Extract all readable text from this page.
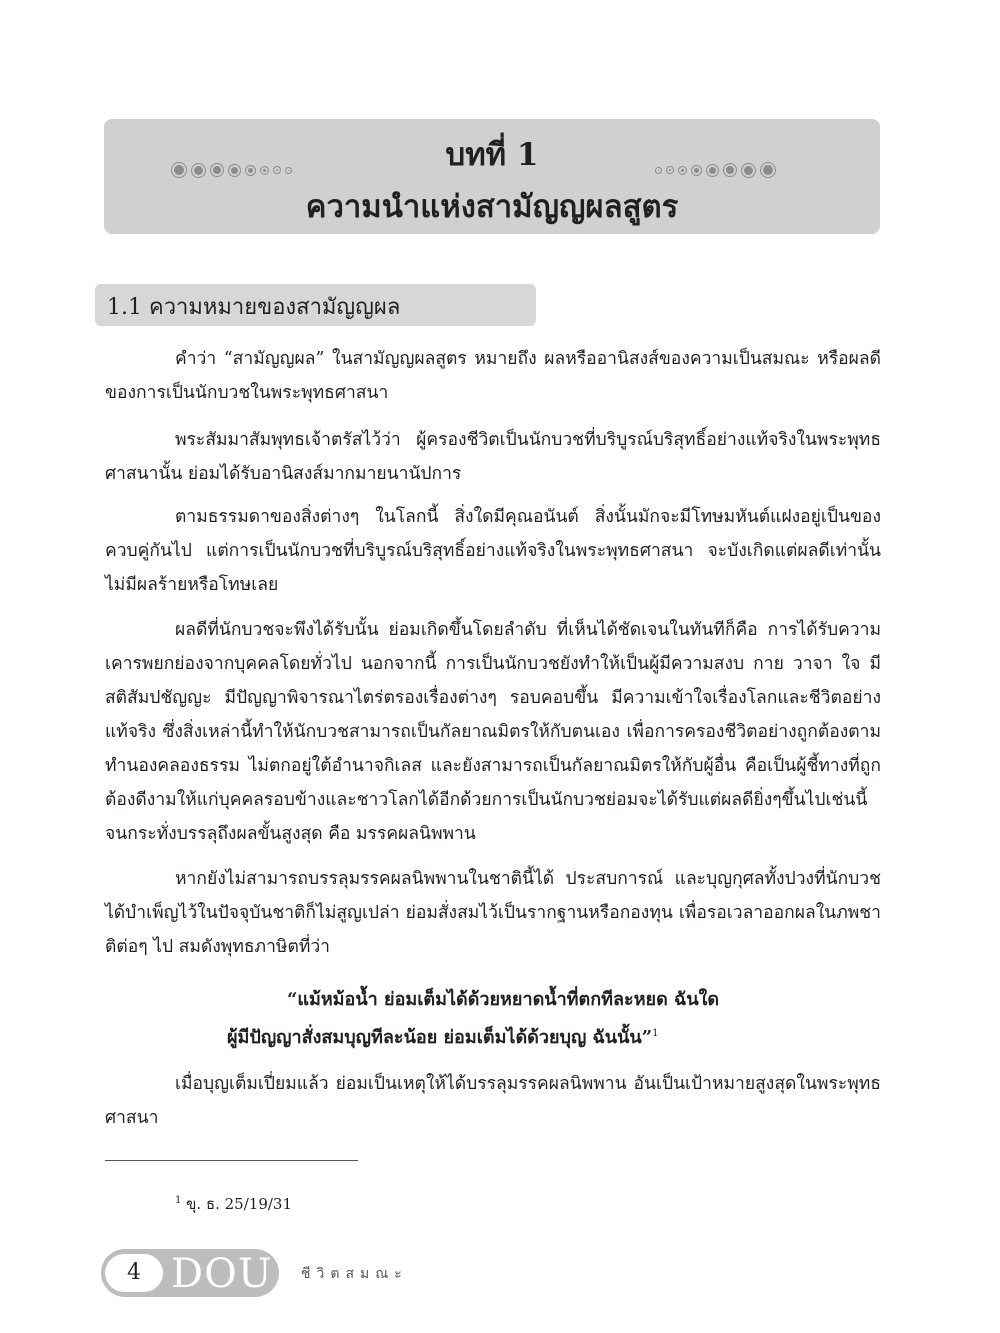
บทที่ 1
ความนำแห่งสามัญญผลสูตร
1.1 ความหมายของสามัญญผล

คำว่า “สามัญญผล” ในสามัญญผลสูตร หมายถึง ผลหรืออานิสงส์ของความเป็นสมณะ หรือผลดีของการเป็นนักบวชในพระพุทธศาสนา

พระสัมมาสัมพุทธเจ้าตรัสไว้ว่า ผู้ครองชีวิตเป็นนักบวชที่บริบูรณ์บริสุทธิ์อย่างแท้จริงในพระพุทธศาสนานั้น ย่อมได้รับอานิสงส์มากมายนานัปการ

ตามธรรมดาของสิ่งต่างๆ ในโลกนี้ สิ่งใดมีคุณอนันต์ สิ่งนั้นมักจะมีโทษมหันต์แฝงอยู่เป็นของควบคู่กันไป แต่การเป็นนักบวชที่บริบูรณ์บริสุทธิ์อย่างแท้จริงในพระพุทธศาสนา จะบังเกิดแต่ผลดีเท่านั้นไม่มีผลร้ายหรือโทษเลย

ผลดีที่นักบวชจะพึงได้รับนั้น ย่อมเกิดขึ้นโดยลำดับ ที่เห็นได้ชัดเจนในทันทีก็คือ การได้รับความเคารพยกย่องจากบุคคลโดยทั่วไป นอกจากนี้ การเป็นนักบวชยังทำให้เป็นผู้มีความสงบ กาย วาจา ใจ มีสติสัมปชัญญะ มีปัญญาพิจารณาไตร่ตรองเรื่องต่างๆ รอบคอบขึ้น มีความเข้าใจเรื่องโลกและชีวิตอย่างแท้จริง ซึ่งสิ่งเหล่านี้ทำให้นักบวชสามารถเป็นกัลยาณมิตรให้กับตนเอง เพื่อการครองชีวิตอย่างถูกต้องตามทำนองคลองธรรม ไม่ตกอยู่ใต้อำนาจกิเลส และยังสามารถเป็นกัลยาณมิตรให้กับผู้อื่น คือเป็นผู้ชี้ทางที่ถูกต้องดีงามให้แก่บุคคลรอบข้างและชาวโลกได้อีกด้วยการเป็นนักบวชย่อมจะได้รับแต่ผลดียิ่งๆขึ้นไปเช่นนี้จนกระทั่งบรรลุถึงผลขั้นสูงสุด คือ มรรคผลนิพพาน

หากยังไม่สามารถบรรลุมรรคผลนิพพานในชาตินี้ได้ ประสบการณ์ และบุญกุศลทั้งปวงที่นักบวชได้บำเพ็ญไว้ในปัจจุบันชาติก็ไม่สูญเปล่า ย่อมสั่งสมไว้เป็นรากฐานหรือกองทุน เพื่อรอเวลาออกผลในภพชาติต่อๆ ไป สมดังพุทธภาษิตที่ว่า

“แม้หม้อน้ำ ย่อมเต็มได้ด้วยหยาดน้ำที่ตกทีละหยด ฉันใด
ผู้มีปัญญาสั่งสมบุญทีละน้อย ย่อมเต็มได้ด้วยบุญ ฉันนั้น”$^1$

เมื่อบุญเต็มเปี่ยมแล้ว ย่อมเป็นเหตุให้ได้บรรลุมรรคผลนิพพาน อันเป็นเป้าหมายสูงสุดในพระพุทธศาสนา

$^1$ ขุ. ธ. 25/19/31
4 DOU ชีวิตสมณะ
